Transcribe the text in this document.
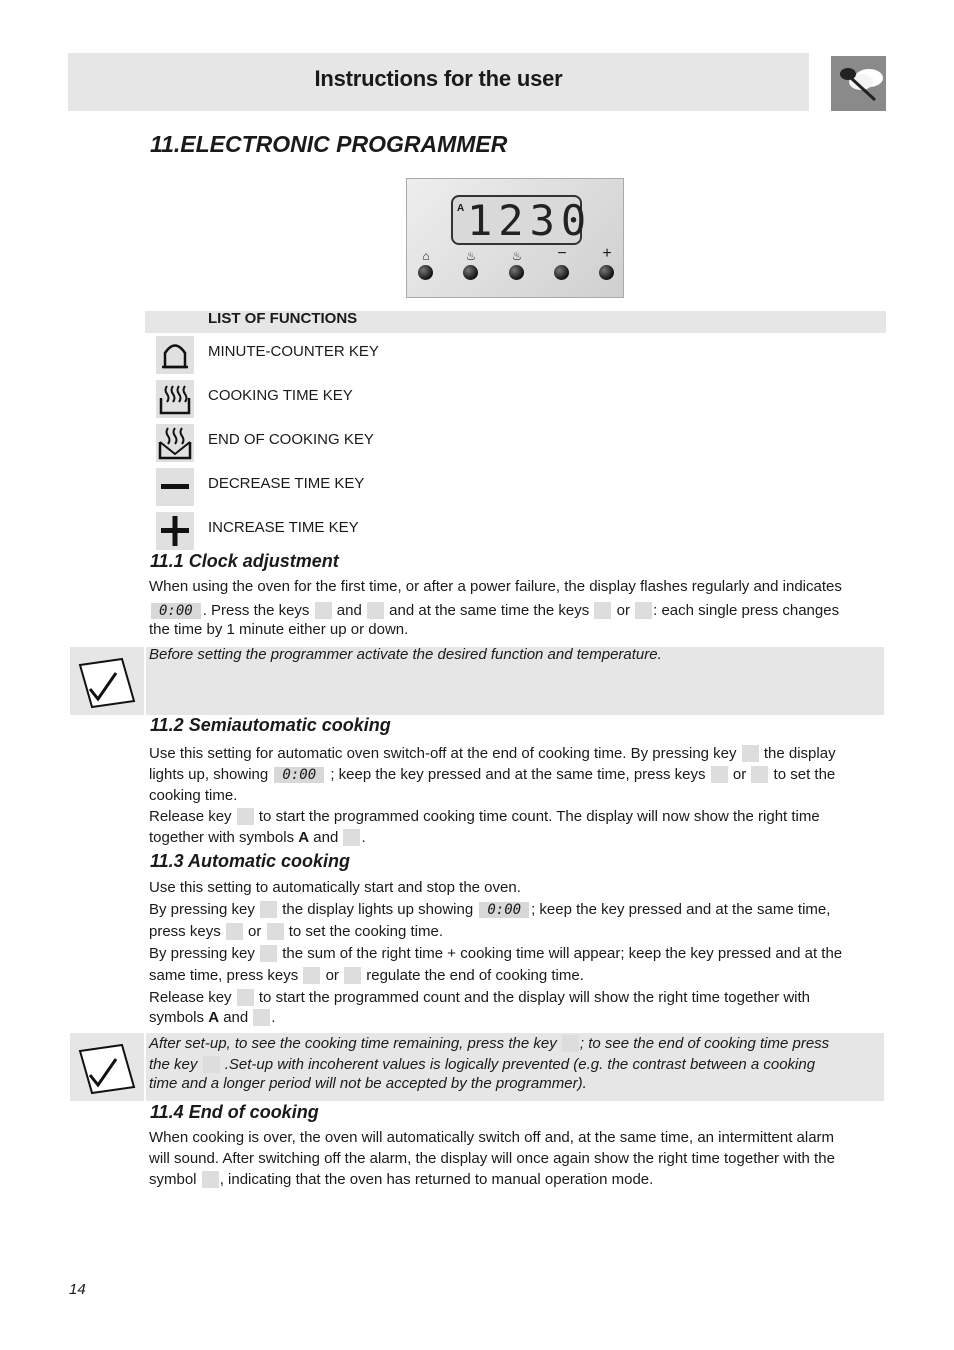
Instructions for the user
11.ELECTRONIC PROGRAMMER
A 1230
⌂	♨	♨ − +
LIST OF FUNCTIONS
MINUTE-COUNTER KEY
COOKING TIME KEY
END OF COOKING KEY
DECREASE TIME KEY
INCREASE TIME KEY
11.1 Clock adjustment
When using the oven for the first time, or after a power failure, the display flashes regularly and indicates
0:00 . Press the keys and and at the same time the keys or : each single press changes
the time by 1 minute either up or down.
Before setting the programmer activate the desired function and temperature.
11.2 Semiautomatic cooking
Use this setting for automatic oven switch-off at the end of cooking time. By pressing key the display
lights up, showing 0:00 ; keep the key pressed and at the same time, press keys or to set the
cooking time.
Release key to start the programmed cooking time count. The display will now show the right time
together with symbols A and .
11.3 Automatic cooking
Use this setting to automatically start and stop the oven.
By pressing key the display lights up showing 0:00 ; keep the key pressed and at the same time,
press keys or to set the cooking time.
By pressing key the sum of the right time + cooking time will appear; keep the key pressed and at the
same time, press keys or regulate the end of cooking time.
Release key to start the programmed count and the display will show the right time together with
symbols A and .
After set-up, to see the cooking time remaining, press the key ; to see the end of cooking time press
the key .Set-up with incoherent values is logically prevented (e.g. the contrast between a cooking
time and a longer period will not be accepted by the programmer).
11.4 End of cooking
When cooking is over, the oven will automatically switch off and, at the same time, an intermittent alarm
will sound. After switching off the alarm, the display will once again show the right time together with the
symbol , indicating that the oven has returned to manual operation mode.
14
